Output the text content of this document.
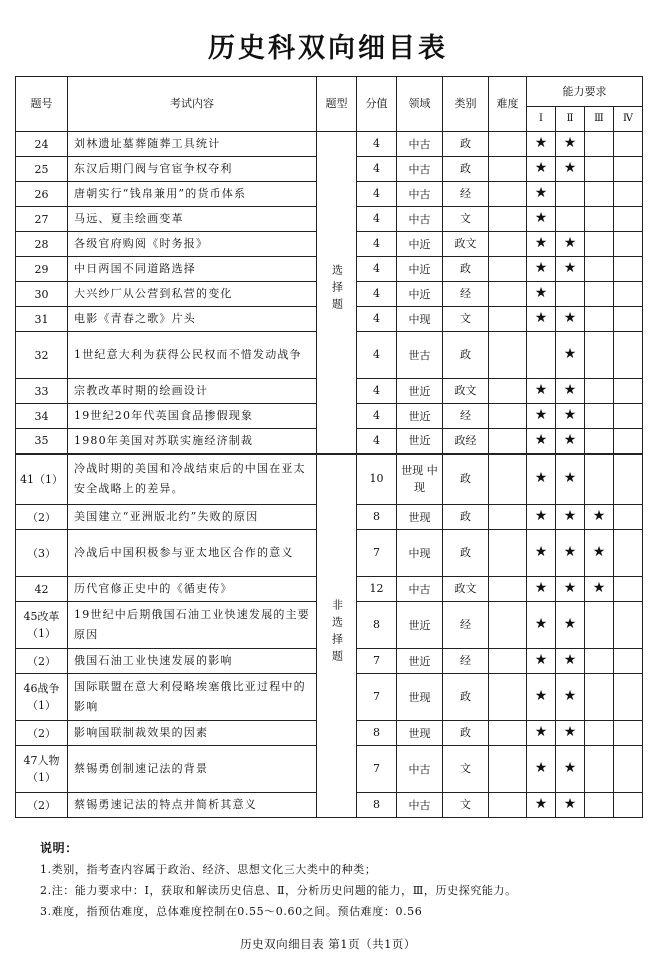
历史科双向细目表
题号	考试内容	题型	分值	领域	类别	难度	能力要求			
							Ⅰ	Ⅱ	Ⅲ	Ⅳ
24	刘林遗址墓葬随葬工具统计	选择题	4	中古	政		★	★		
25	东汉后期门阀与官宦争权夺利		4	中古	政		★	★		
26	唐朝实行“钱帛兼用”的货币体系		4	中古	经		★			
27	马远、夏圭绘画变革		4	中古	文		★			
28	各级官府购阅《时务报》		4	中近	政文		★	★		
29	中日两国不同道路选择		4	中近	政		★	★		
30	大兴纱厂从公营到私营的变化		4	中近	经		★			
31	电影《青春之歌》片头		4	中现	文		★	★		
32	1世纪意大利为获得公民权而不惜发动战争		4	世古	政			★		
33	宗教改革时期的绘画设计		4	世近	政文		★	★		
34	19世纪20年代英国食品掺假现象		4	世近	经		★	★		
35	1980年美国对苏联实施经济制裁		4	世近	政经		★	★		
41（1）	冷战时期的美国和冷战结束后的中国在亚太安全战略上的差异。	非选择题	10	世现 中现	政		★	★		
（2）	美国建立“亚洲版北约”失败的原因		8	世现	政		★	★	★	
（3）	冷战后中国积极参与亚太地区合作的意义		7	中现	政		★	★	★	
42	历代官修正史中的《循吏传》		12	中古	政文		★	★	★	
45改革（1）	19世纪中后期俄国石油工业快速发展的主要原因		8	世近	经		★	★		
（2）	俄国石油工业快速发展的影响		7	世近	经		★	★		
46战争（1）	国际联盟在意大利侵略埃塞俄比亚过程中的影响		7	世现	政		★	★		
（2）	影响国联制裁效果的因素		8	世现	政		★	★		
47人物（1）	蔡锡勇创制速记法的背景		7	中古	文		★	★		
（2）	蔡锡勇速记法的特点并简析其意义		8	中古	文		★	★		
说明：
1.类别，指考查内容属于政治、经济、思想文化三大类中的种类；
2.注：能力要求中：Ⅰ，获取和解读历史信息、Ⅱ，分析历史问题的能力，Ⅲ，历史探究能力。
3.难度，指预估难度，总体难度控制在0.55～0.60之间。预估难度：0.56
历史双向细目表 第1页（共1页）
